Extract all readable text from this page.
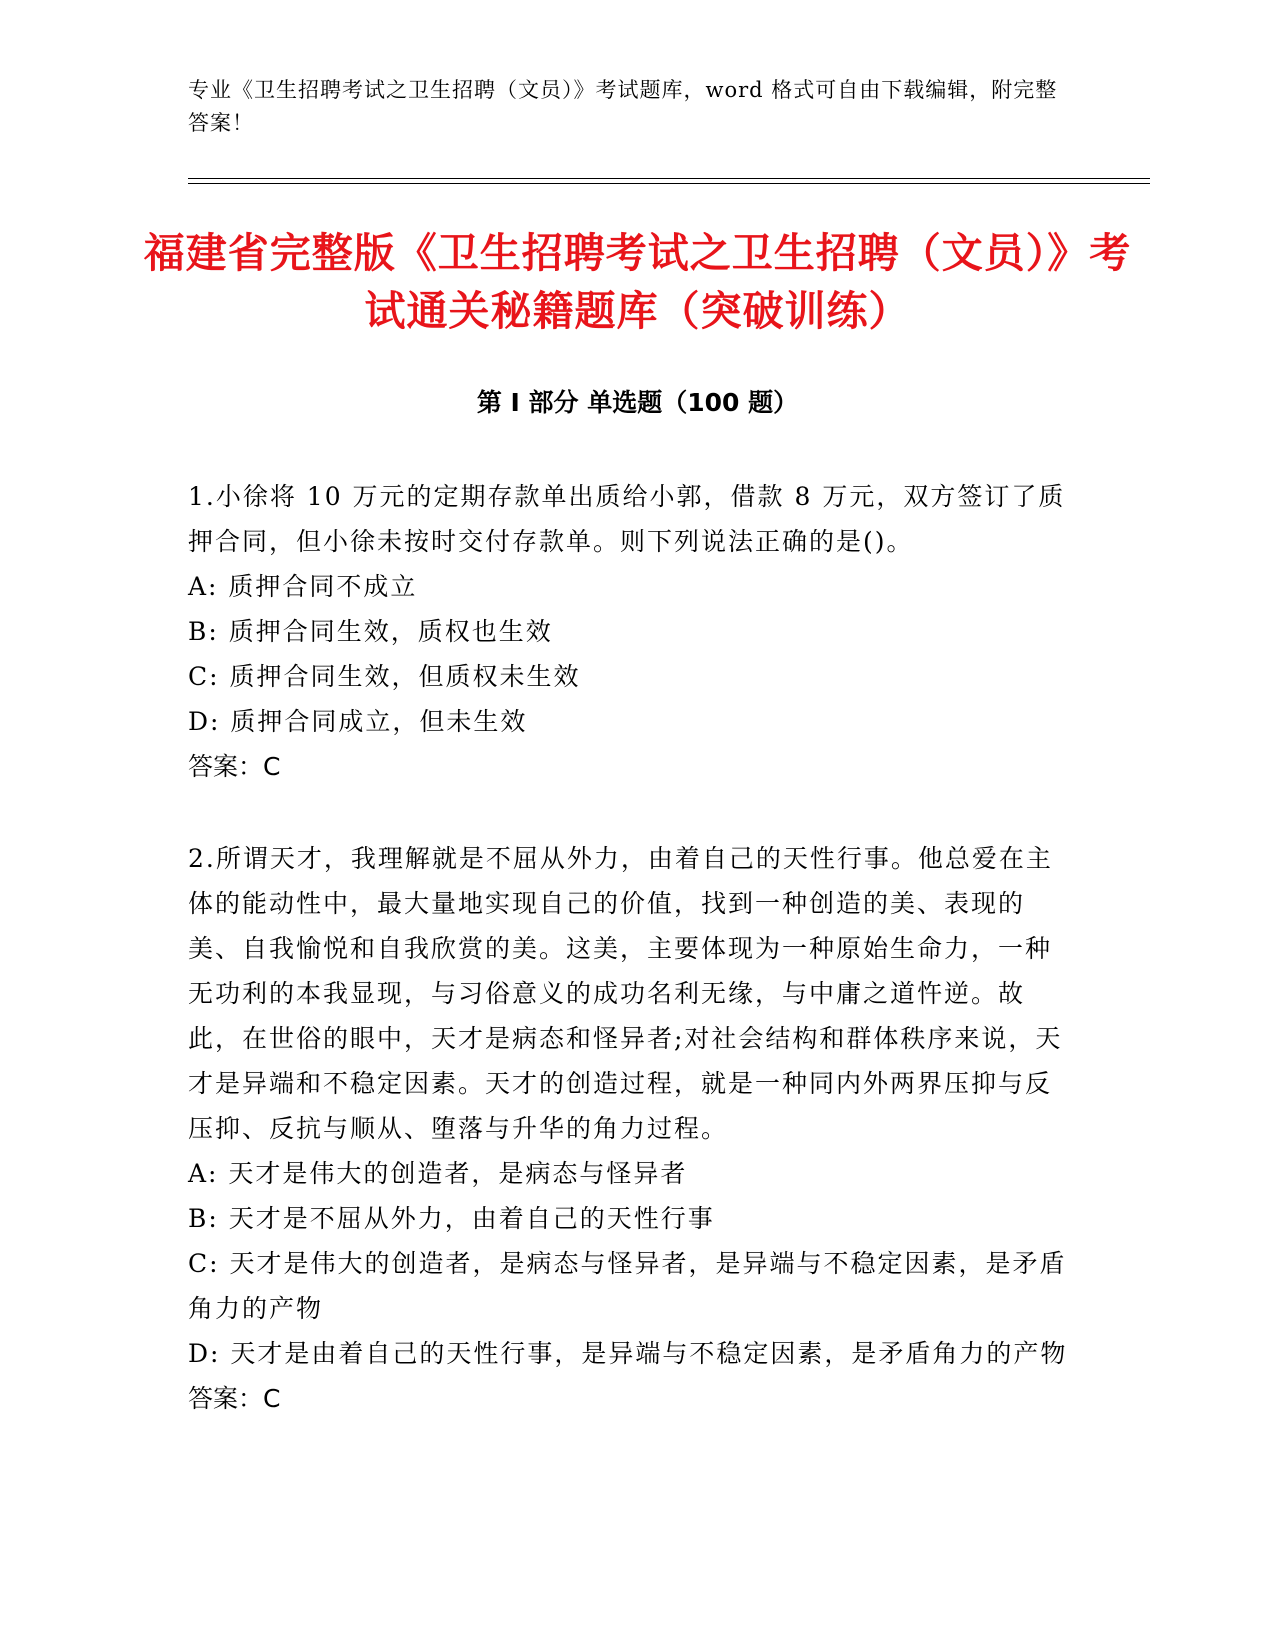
专业《卫生招聘考试之卫生招聘（文员）》考试题库，word 格式可自由下载编辑，附完整答案！
福建省完整版《卫生招聘考试之卫生招聘（文员）》考试通关秘籍题库（突破训练）
第 I 部分 单选题（100 题）
1.小徐将 10 万元的定期存款单出质给小郭，借款 8 万元，双方签订了质押合同，但小徐未按时交付存款单。则下列说法正确的是()。
A: 质押合同不成立
B: 质押合同生效，质权也生效
C: 质押合同生效，但质权未生效
D: 质押合同成立，但未生效
答案：C
2.所谓天才，我理解就是不屈从外力，由着自己的天性行事。他总爱在主体的能动性中，最大量地实现自己的价值，找到一种创造的美、表现的美、自我愉悦和自我欣赏的美。这美，主要体现为一种原始生命力，一种无功利的本我显现，与习俗意义的成功名利无缘，与中庸之道忤逆。故此，在世俗的眼中，天才是病态和怪异者;对社会结构和群体秩序来说，天才是异端和不稳定因素。天才的创造过程，就是一种同内外两界压抑与反压抑、反抗与顺从、堕落与升华的角力过程。
A: 天才是伟大的创造者，是病态与怪异者
B: 天才是不屈从外力，由着自己的天性行事
C: 天才是伟大的创造者，是病态与怪异者，是异端与不稳定因素，是矛盾角力的产物
D: 天才是由着自己的天性行事，是异端与不稳定因素，是矛盾角力的产物
答案：C
